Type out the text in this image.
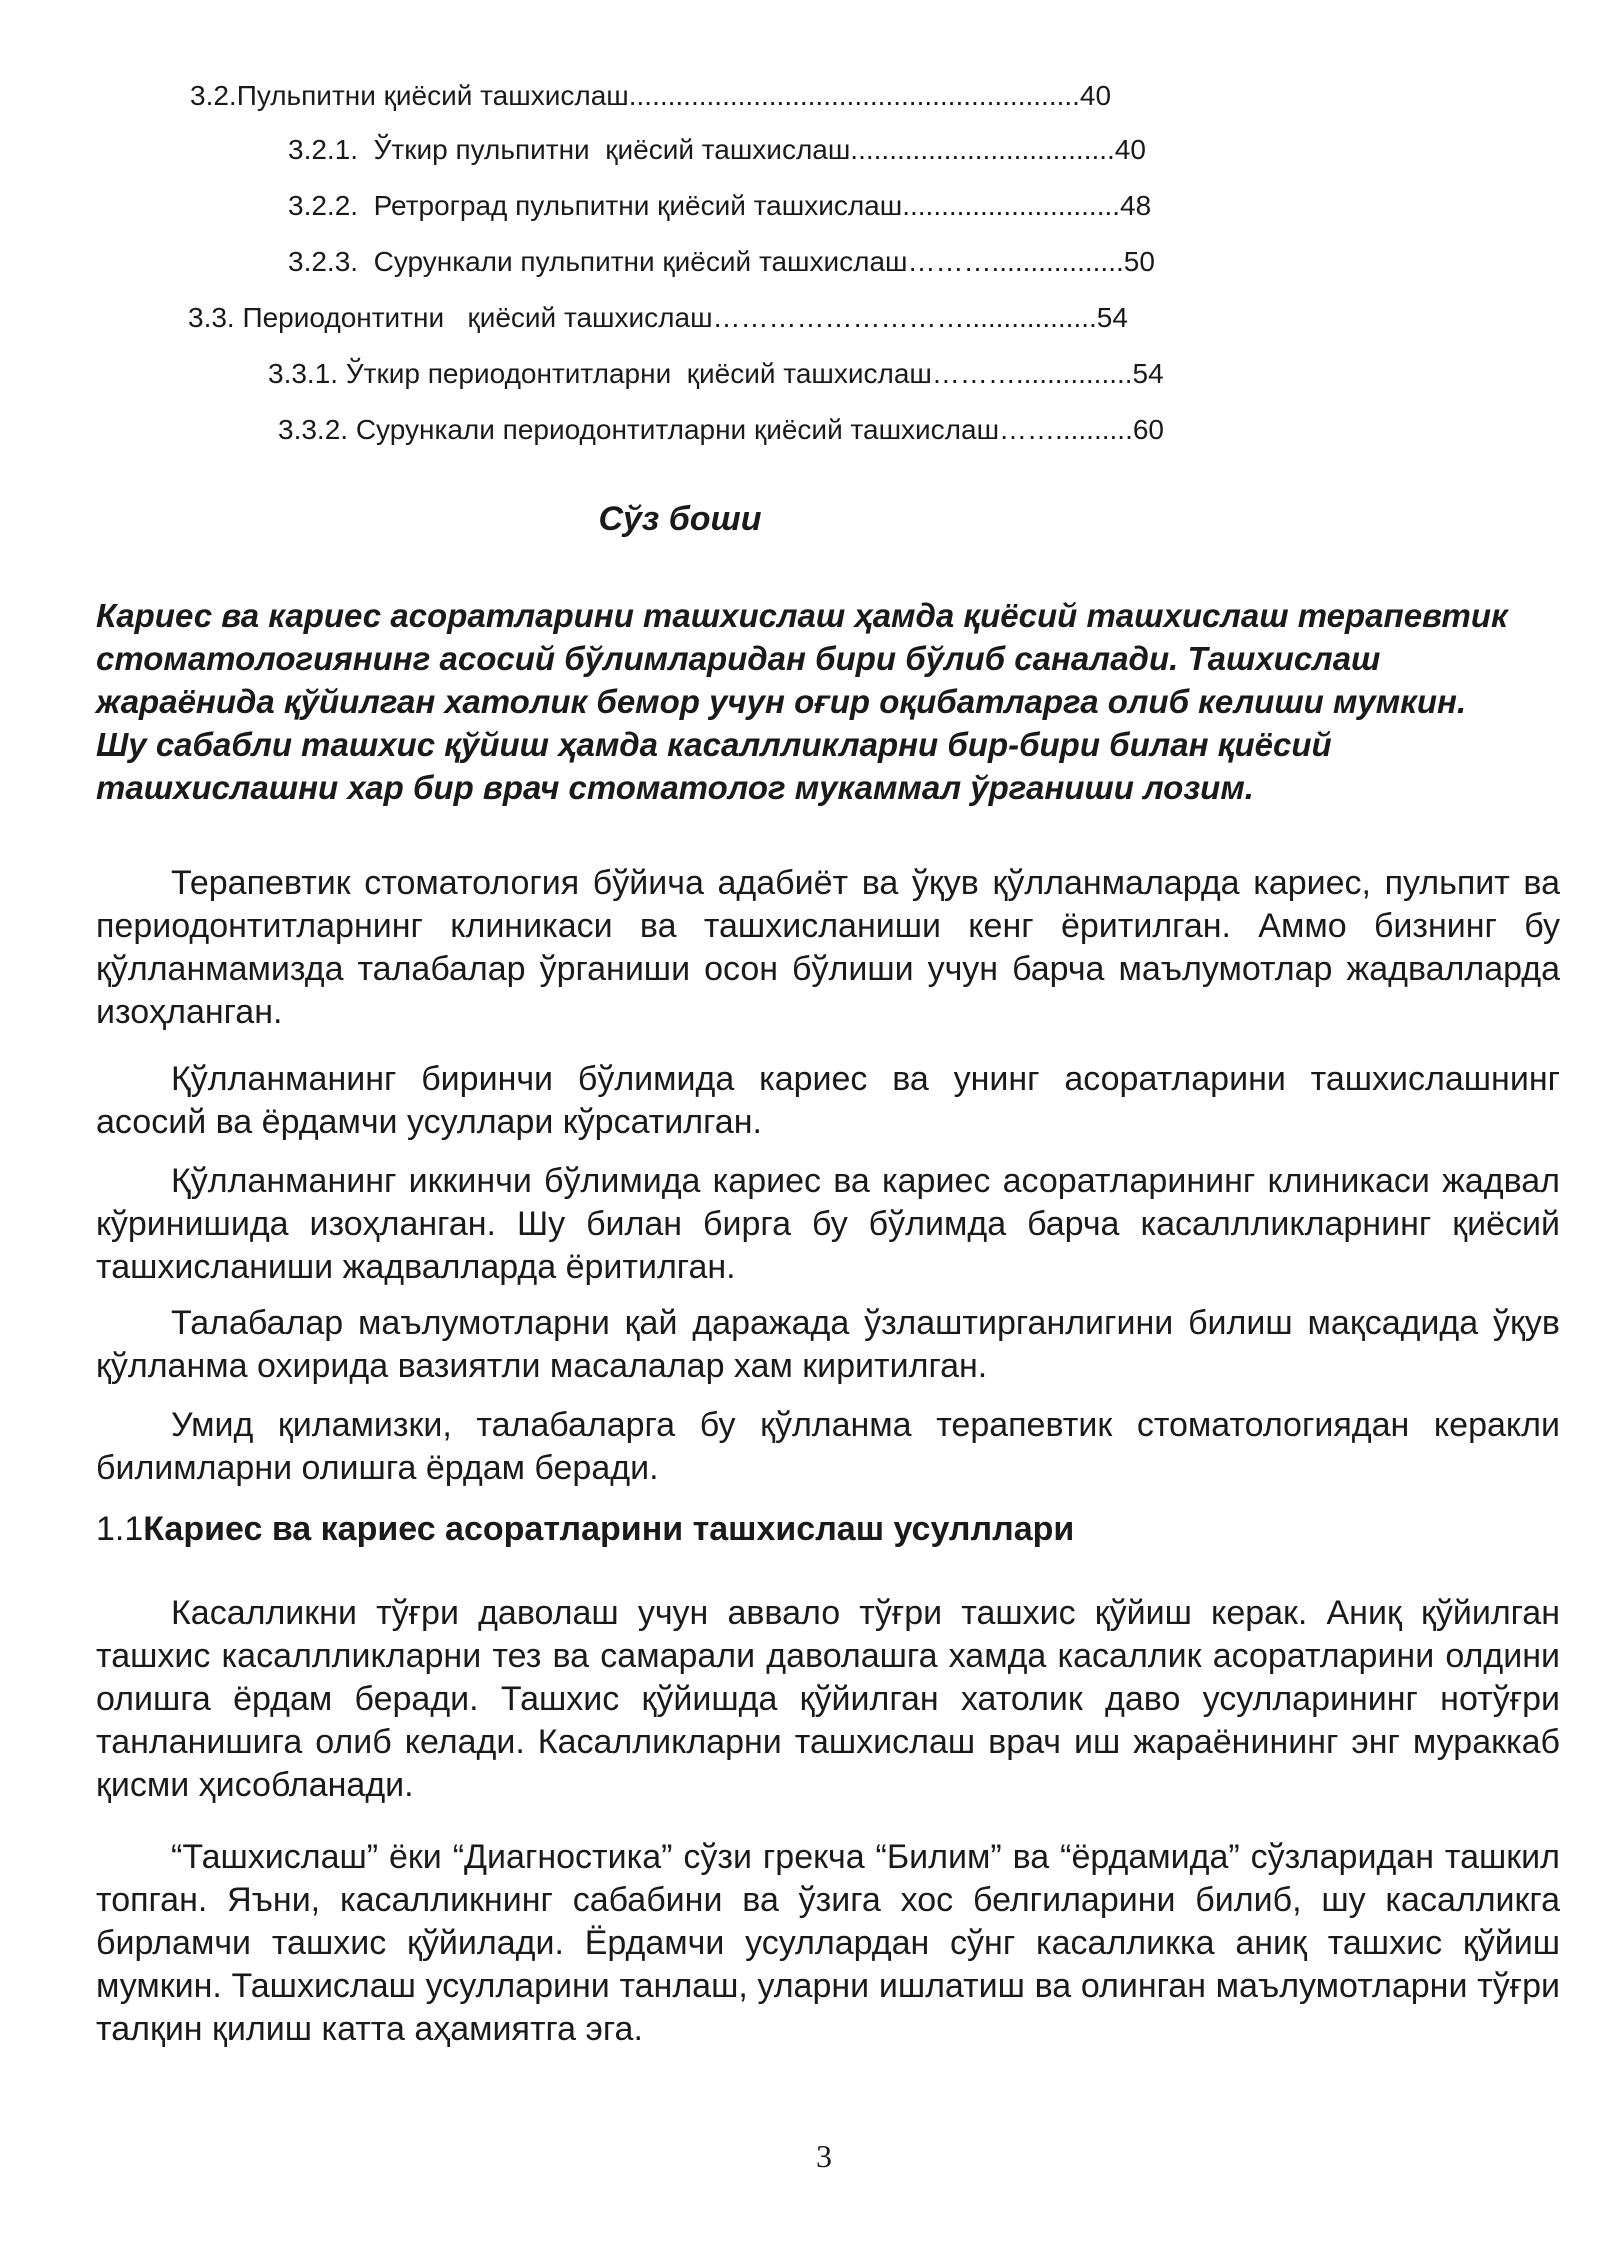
3.2.Пульпитни қиёсий ташхислаш..........................................................40
3.2.1.  Ўткир пульпитни  қиёсий ташхислаш..................................40
3.2.2.  Ретроград пульпитни қиёсий ташхислаш............................48
3.2.3.  Сурункали пульпитни қиёсий ташхислаш……….................50
3.3. Периодонтитни   қиёсий ташхислаш……………………….................54
3.3.1. Ўткир периодонтитларни  қиёсий ташхислаш………...............54
3.3.2. Сурункали периодонтитларни қиёсий ташхислаш……..........60
Сўз боши
Кариес ва кариес асоратларини ташхислаш ҳамда қиёсий ташхислаш терапевтик стоматологиянинг асосий бўлимларидан бири бўлиб саналади. Ташхислаш жараёнида қўйилган хатолик бемор учун оғир оқибатларга олиб келиши мумкин. Шу сабабли ташхис қўйиш ҳамда касаллликларни бир-бири билан қиёсий ташхислашни хар бир врач стоматолог мукаммал ўрганиши лозим.
Терапевтик стоматология бўйича адабиёт ва ўқув қўлланмаларда кариес, пульпит ва периодонтитларнинг клиникаси ва ташхисланиши кенг ёритилган. Аммо бизнинг бу қўлланмамизда талабалар ўрганиши осон бўлиши учун барча маълумотлар жадвалларда изоҳланган.
Қўлланманинг биринчи бўлимида кариес ва унинг асоратларини ташхислашнинг асосий ва ёрдамчи усуллари кўрсатилган.
Қўлланманинг иккинчи бўлимида кариес ва кариес асоратларининг клиникаси жадвал кўринишида изоҳланган. Шу билан бирга бу бўлимда барча касаллликларнинг қиёсий ташхисланиши жадвалларда ёритилган.
Талабалар маълумотларни қай даражада ўзлаштирганлигини билиш мақсадида ўқув қўлланма охирида вазиятли масалалар хам киритилган.
Умид қиламизки, талабаларга бу қўлланма терапевтик стоматологиядан керакли билимларни олишга ёрдам беради.
1.1Кариес ва кариес асоратларини ташхислаш усулллари
Касалликни тўғри даволаш учун аввало тўғри ташхис қўйиш керак. Аниқ қўйилган ташхис касаллликларни тез ва самарали даволашга хамда касаллик асоратларини олдини олишга ёрдам беради. Ташхис қўйишда қўйилган хатолик даво усулларининг нотўғри танланишига олиб келади. Касалликларни ташхислаш врач иш жараёнининг энг мураккаб қисми ҳисобланади.
“Ташхислаш” ёки “Диагностика” сўзи грекча “Билим” ва “ёрдамида” сўзларидан ташкил топган. Яъни, касалликнинг сабабини ва ўзига хос белгиларини билиб, шу касалликга бирламчи ташхис қўйилади. Ёрдамчи усуллардан сўнг касалликка аниқ ташхис қўйиш мумкин. Ташхислаш усулларини танлаш, уларни ишлатиш ва олинган маълумотларни тўғри талқин қилиш катта аҳамиятга эга.
3
